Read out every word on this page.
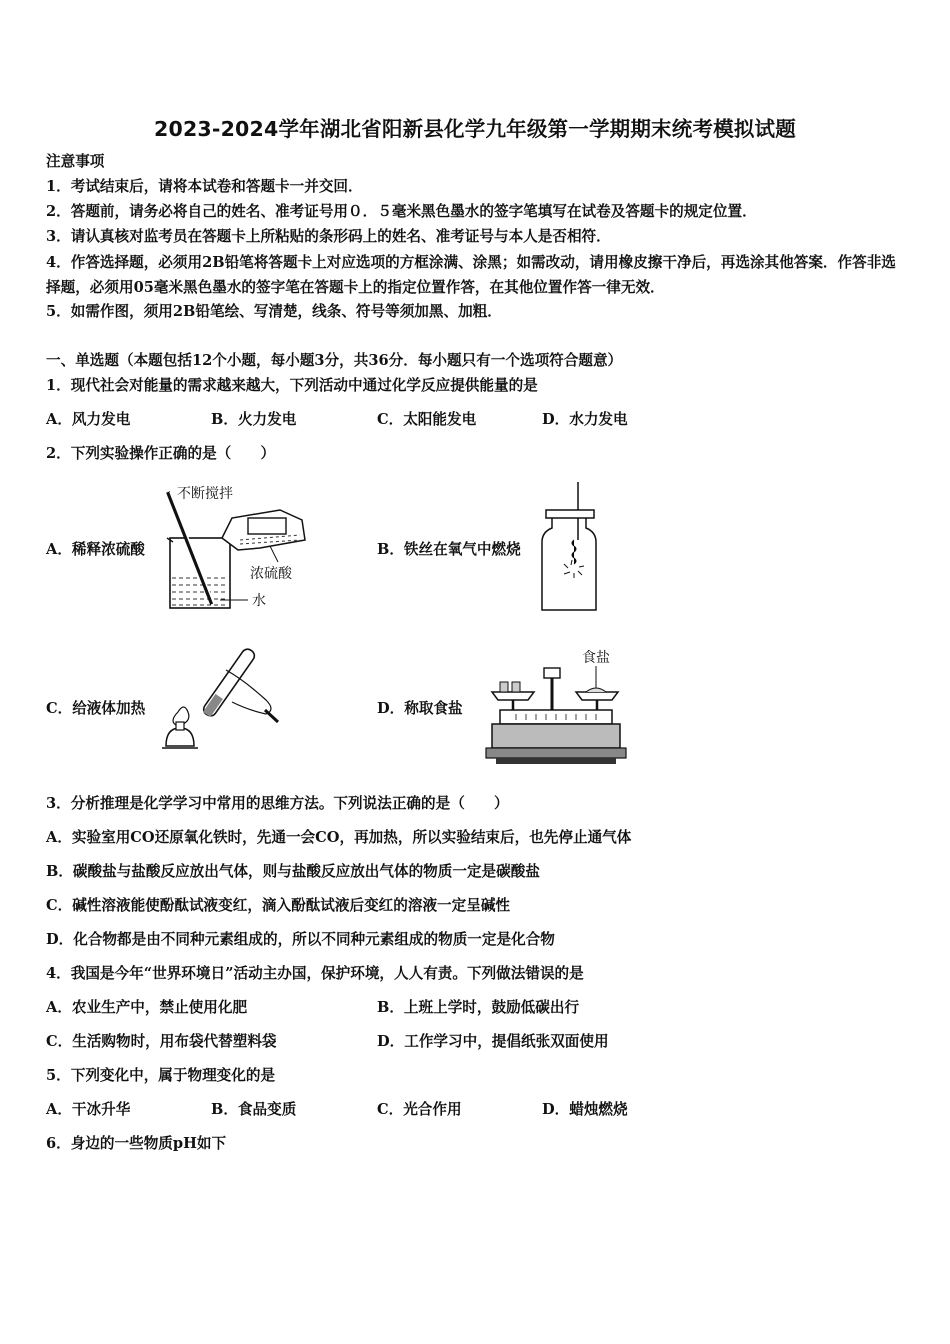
2023-2024学年湖北省阳新县化学九年级第一学期期末统考模拟试题
注意事项
1．考试结束后，请将本试卷和答题卡一并交回．
2．答题前，请务必将自己的姓名、准考证号用０．５毫米黑色墨水的签字笔填写在试卷及答题卡的规定位置．
3．请认真核对监考员在答题卡上所粘贴的条形码上的姓名、准考证号与本人是否相符．
4．作答选择题，必须用2B铅笔将答题卡上对应选项的方框涂满、涂黑；如需改动，请用橡皮擦干净后，再选涂其他答案．作答非选择题，必须用05毫米黑色墨水的签字笔在答题卡上的指定位置作答，在其他位置作答一律无效．
5．如需作图，须用2B铅笔绘、写清楚，线条、符号等须加黑、加粗．
一、单选题（本题包括12个小题，每小题3分，共36分．每小题只有一个选项符合题意）
1．现代社会对能量的需求越来越大，下列活动中通过化学反应提供能量的是
A．风力发电	B．火力发电	C．太阳能发电	D．水力发电
2．下列实验操作正确的是（　　）
A．稀释浓硫酸	B．铁丝在氧气中燃烧
C．给液体加热	D．称取食盐
不断搅拌
浓硫酸
水
食盐
3．分析推理是化学学习中常用的思维方法。下列说法正确的是（　　）
A．实验室用CO还原氧化铁时，先通一会CO，再加热，所以实验结束后，也先停止通气体
B．碳酸盐与盐酸反应放出气体，则与盐酸反应放出气体的物质一定是碳酸盐
C．碱性溶液能使酚酞试液变红，滴入酚酞试液后变红的溶液一定呈碱性
D．化合物都是由不同种元素组成的，所以不同种元素组成的物质一定是化合物
4．我国是今年“世界环境日”活动主办国，保护环境，人人有责。下列做法错误的是
A．农业生产中，禁止使用化肥	B．上班上学时，鼓励低碳出行
C．生活购物时，用布袋代替塑料袋	D．工作学习中，提倡纸张双面使用
5．下列变化中，属于物理变化的是
A．干冰升华	B．食品变质	C．光合作用	D．蜡烛燃烧
6．身边的一些物质pH如下
